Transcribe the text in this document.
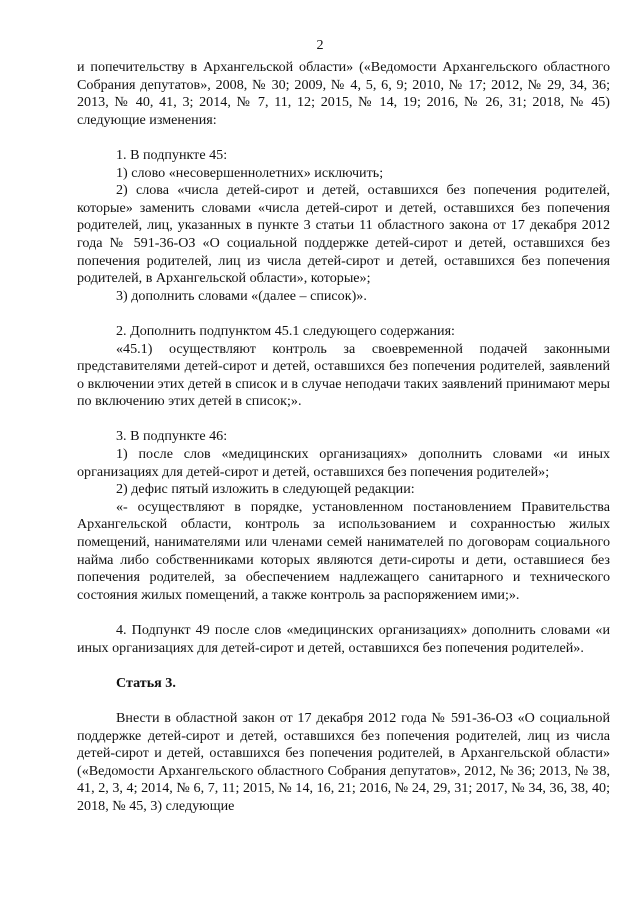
2

и попечительству в Архангельской области» («Ведомости Архангельского областного Собрания депутатов», 2008, № 30; 2009, № 4, 5, 6, 9; 2010, № 17; 2012, № 29, 34, 36; 2013, № 40, 41, 3; 2014, № 7, 11, 12; 2015, № 14, 19; 2016, № 26, 31; 2018, № 45) следующие изменения:

1. В подпункте 45:

1) слово «несовершеннолетних» исключить;

2) слова «числа детей-сирот и детей, оставшихся без попечения родителей, которые» заменить словами «числа детей-сирот и детей, оставшихся без попечения родителей, лиц, указанных в пункте 3 статьи 11 областного закона от 17 декабря 2012 года № 591-36-ОЗ «О социальной поддержке детей-сирот и детей, оставшихся без попечения родителей, лиц из числа детей-сирот и детей, оставшихся без попечения родителей, в Архангельской области», которые»;

3) дополнить словами «(далее – список)».

2. Дополнить подпунктом 45.1 следующего содержания:

«45.1) осуществляют контроль за своевременной подачей законными представителями детей-сирот и детей, оставшихся без попечения родителей, заявлений о включении этих детей в список и в случае неподачи таких заявлений принимают меры по включению этих детей в список;».

3. В подпункте 46:

1) после слов «медицинских организациях» дополнить словами «и иных организациях для детей-сирот и детей, оставшихся без попечения родителей»;

2) дефис пятый изложить в следующей редакции:

«- осуществляют в порядке, установленном постановлением Правительства Архангельской области, контроль за использованием и сохранностью жилых помещений, нанимателями или членами семей нанимателей по договорам социального найма либо собственниками которых являются дети-сироты и дети, оставшиеся без попечения родителей, за обеспечением надлежащего санитарного и технического состояния жилых помещений, а также контроль за распоряжением ими;».

4. Подпункт 49 после слов «медицинских организациях» дополнить словами «и иных организациях для детей-сирот и детей, оставшихся без попечения родителей».

Статья 3.

Внести в областной закон от 17 декабря 2012 года № 591-36-ОЗ «О социальной поддержке детей-сирот и детей, оставшихся без попечения родителей, лиц из числа детей-сирот и детей, оставшихся без попечения родителей, в Архангельской области» («Ведомости Архангельского областного Собрания депутатов», 2012, № 36; 2013, № 38, 41, 2, 3, 4; 2014, № 6, 7, 11; 2015, № 14, 16, 21; 2016, № 24, 29, 31; 2017, № 34, 36, 38, 40; 2018, № 45, 3) следующие
